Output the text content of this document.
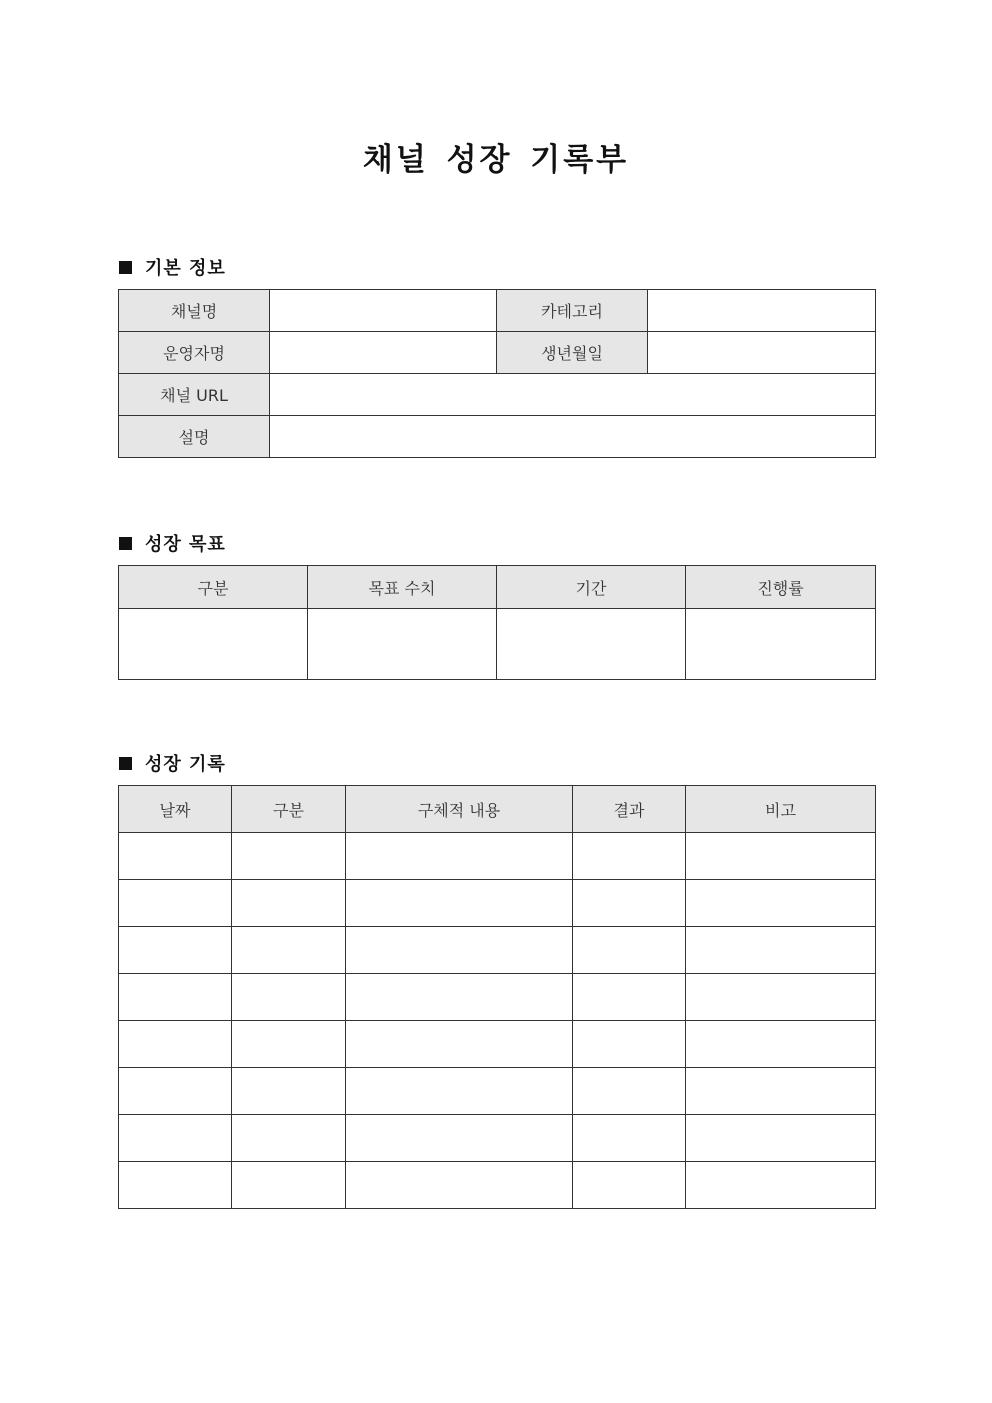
채널 성장 기록부
기본 정보
채널명		카테고리	
운영자명		생년월일	
채널 URL			
설명			
성장 목표
구분	목표 수치	기간	진행률

성장 기록
날짜	구분	구체적 내용	결과	비고
